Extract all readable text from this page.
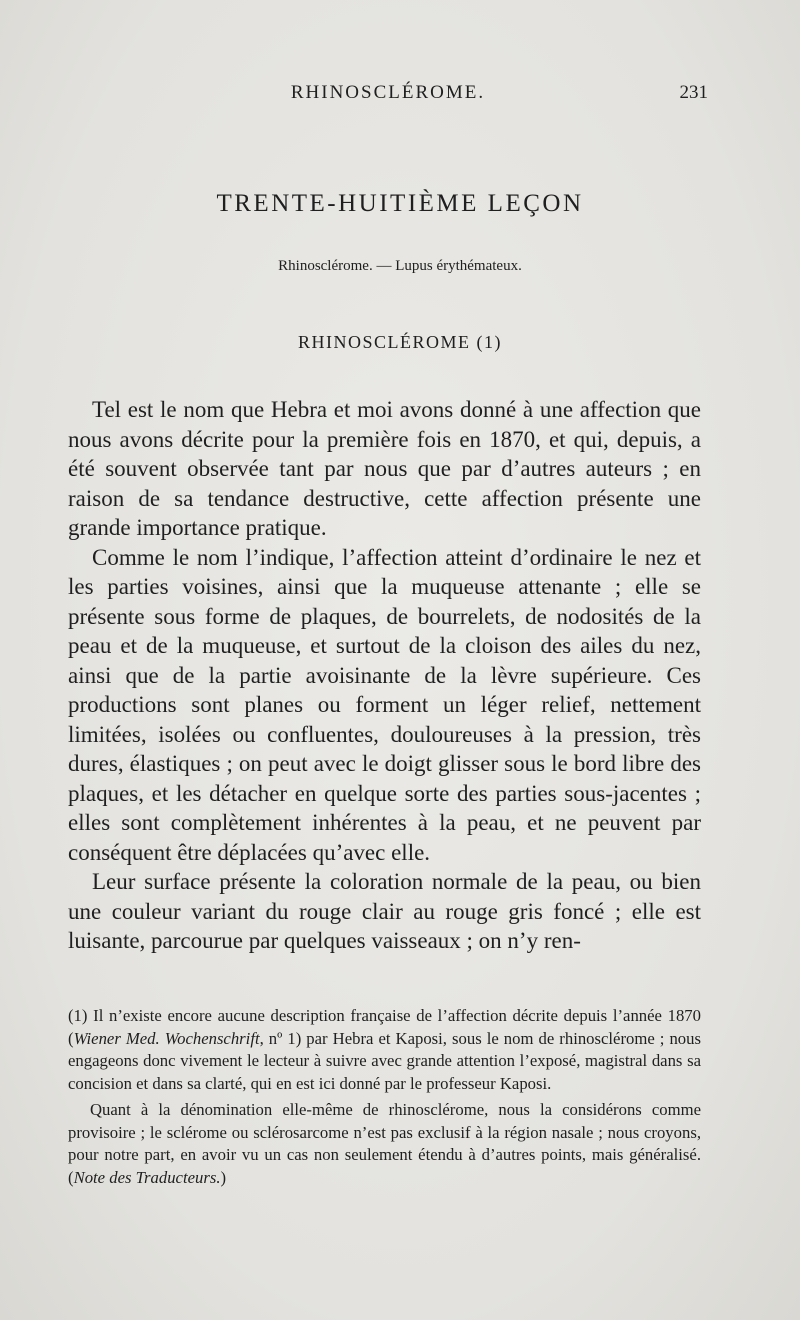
RHINOSCLÉROME.	231
TRENTE-HUITIÈME LEÇON
Rhinosclérome. — Lupus érythémateux.
RHINOSCLÉROME (1)

Tel est le nom que Hebra et moi avons donné à une affection que nous avons décrite pour la première fois en 1870, et qui, depuis, a été souvent observée tant par nous que par d’autres auteurs ; en raison de sa tendance destructive, cette affection présente une grande importance pratique.

Comme le nom l’indique, l’affection atteint d’ordinaire le nez et les parties voisines, ainsi que la muqueuse attenante ; elle se présente sous forme de plaques, de bourrelets, de nodosités de la peau et de la muqueuse, et surtout de la cloison des ailes du nez, ainsi que de la partie avoisinante de la lèvre supérieure. Ces productions sont planes ou forment un léger relief, nettement limitées, isolées ou confluentes, douloureuses à la pression, très dures, élastiques ; on peut avec le doigt glisser sous le bord libre des plaques, et les détacher en quelque sorte des parties sous-jacentes ; elles sont complètement inhérentes à la peau, et ne peuvent par conséquent être déplacées qu’avec elle.

Leur surface présente la coloration normale de la peau, ou bien une couleur variant du rouge clair au rouge gris foncé ; elle est luisante, parcourue par quelques vaisseaux ; on n’y ren-

(1) Il n’existe encore aucune description française de l’affection décrite depuis l’année 1870 (Wiener Med. Wochenschrift, nº 1) par Hebra et Kaposi, sous le nom de rhinosclérome ; nous engageons donc vivement le lecteur à suivre avec grande attention l’exposé, magistral dans sa concision et dans sa clarté, qui en est ici donné par le professeur Kaposi.

Quant à la dénomination elle-même de rhinosclérome, nous la considérons comme provisoire ; le sclérome ou sclérosarcome n’est pas exclusif à la région nasale ; nous croyons, pour notre part, en avoir vu un cas non seulement étendu à d’autres points, mais généralisé. (Note des Traducteurs.)
